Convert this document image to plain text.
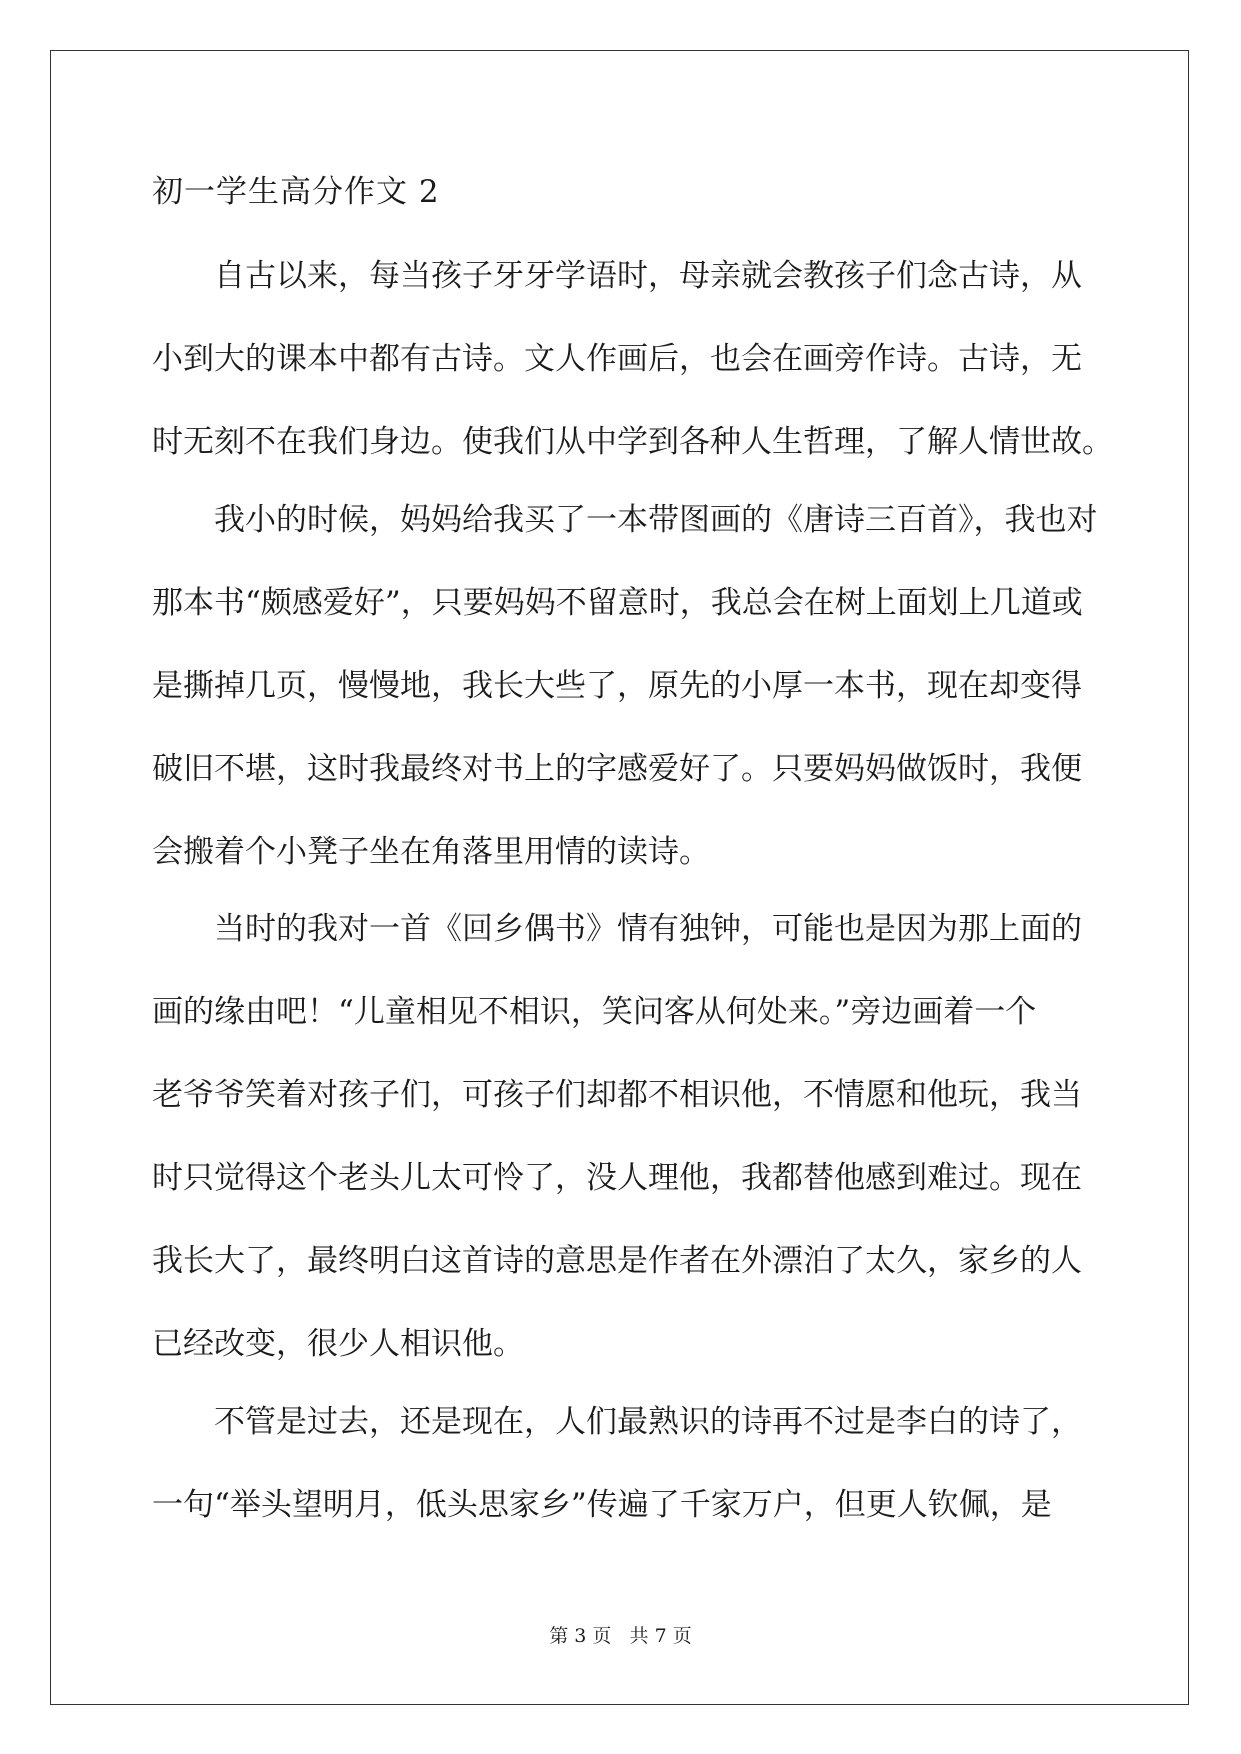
初一学生高分作文 2
自古以来，每当孩子牙牙学语时，母亲就会教孩子们念古诗，从
小到大的课本中都有古诗。文人作画后，也会在画旁作诗。古诗，无
时无刻不在我们身边。使我们从中学到各种人生哲理，了解人情世故。
我小的时候，妈妈给我买了一本带图画的《唐诗三百首》，我也对
那本书“颇感爱好”，只要妈妈不留意时，我总会在树上面划上几道或
是撕掉几页，慢慢地，我长大些了，原先的小厚一本书，现在却变得
破旧不堪，这时我最终对书上的字感爱好了。只要妈妈做饭时，我便
会搬着个小凳子坐在角落里用情的读诗。
当时的我对一首《回乡偶书》情有独钟，可能也是因为那上面的
画的缘由吧！“儿童相见不相识，笑问客从何处来。”旁边画着一个
老爷爷笑着对孩子们，可孩子们却都不相识他，不情愿和他玩，我当
时只觉得这个老头儿太可怜了，没人理他，我都替他感到难过。现在
我长大了，最终明白这首诗的意思是作者在外漂泊了太久，家乡的人
已经改变，很少人相识他。
不管是过去，还是现在，人们最熟识的诗再不过是李白的诗了，
一句“举头望明月，低头思家乡”传遍了千家万户，但更人钦佩，是
第 3 页   共 7 页
